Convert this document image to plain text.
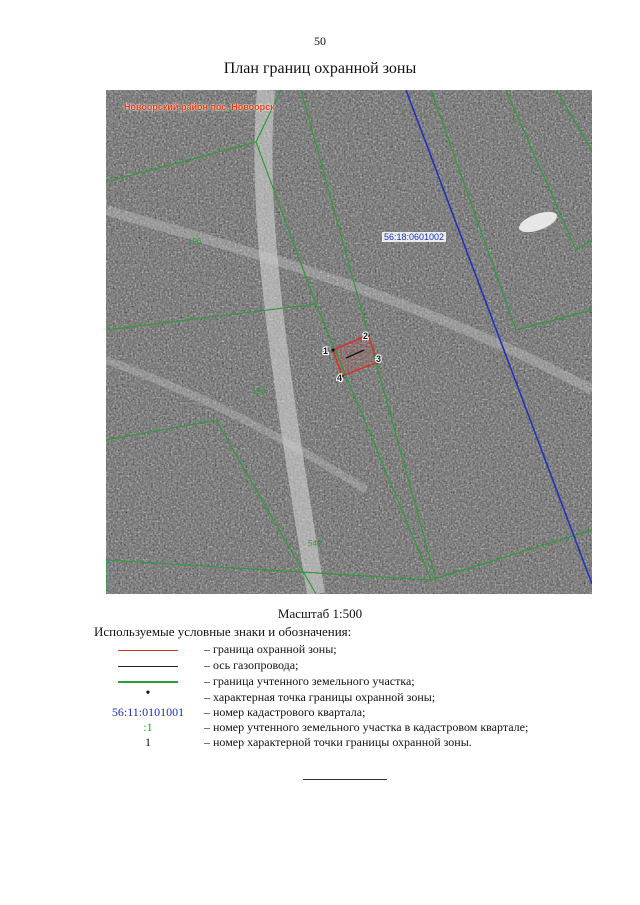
50
План границ охранной зоны
1
2
3
4
196
196
549
1
Новоорский район пос. Новоорск
56:18:0601002
Масштаб 1:500
Используемые условные знаки и обозначения:
– граница охранной зоны;
– ось газопровода;
– граница учтенного земельного участка;
•	– характерная точка границы охранной зоны;
56:11:0101001	– номер кадастрового квартала;
:1	– номер учтенного земельного участка в кадастровом квартале;
1	– номер характерной точки границы охранной зоны.
